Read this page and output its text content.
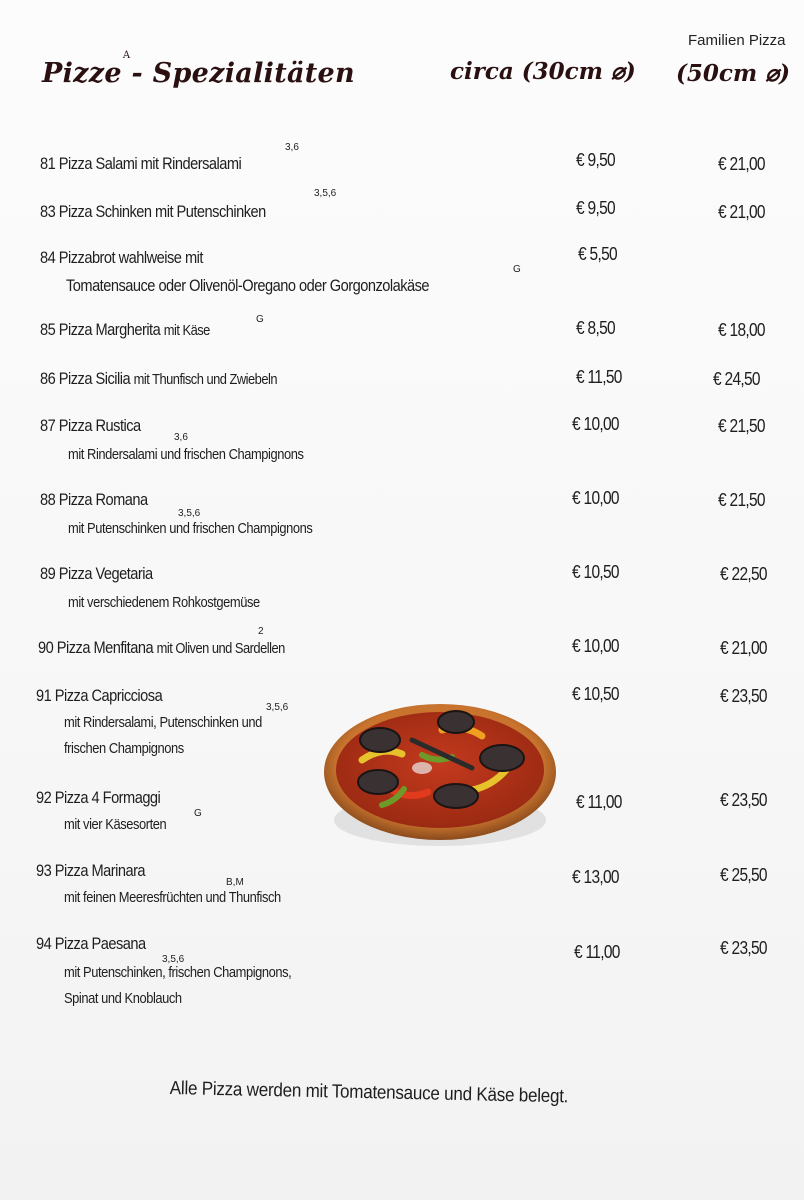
Pizze$^A$- Spezialitäten	circa (30cm ⌀)
Familien Pizza
(50cm ⌀)
81 Pizza Salami mit Rindersalami
3,6
€ 9,50	€ 21,00
83 Pizza Schinken mit Putenschinken
3,5,6
€ 9,50	€ 21,00
84 Pizzabrot wahlweise mit
G
Tomatensauce oder Olivenöl-Oregano oder Gorgonzolakäse
€ 5,50
85 Pizza Margherita mit Käse
G	€ 8,50	€ 18,00
86 Pizza Sicilia mit Thunfisch und Zwiebeln	€ 11,50	€ 24,50
87 Pizza Rustica
3,6
mit Rindersalami und frischen Champignons
€ 10,00	€ 21,50
88 Pizza Romana
3,5,6
mit Putenschinken und frischen Champignons
€ 10,00	€ 21,50
89 Pizza Vegetaria
mit verschiedenem Rohkostgemüse
€ 10,50	€ 22,50
90 Pizza Menfitana mit Oliven und Sardellen
2
€ 10,00	€ 21,00
91 Pizza Capricciosa
3,5,6
mit Rindersalami, Putenschinken und
frischen Champignons
€ 10,50	€ 23,50
92 Pizza 4 Formaggi
G
mit vier Käsesorten
€ 11,00	€ 23,50
93 Pizza Marinara
B,M
mit feinen Meeresfrüchten und Thunfisch
€ 13,00	€ 25,50
94 Pizza Paesana
3,5,6
mit Putenschinken, frischen Champignons,
Spinat und Knoblauch
€ 11,00	€ 23,50
Alle Pizza werden mit Tomatensauce und Käse belegt.
